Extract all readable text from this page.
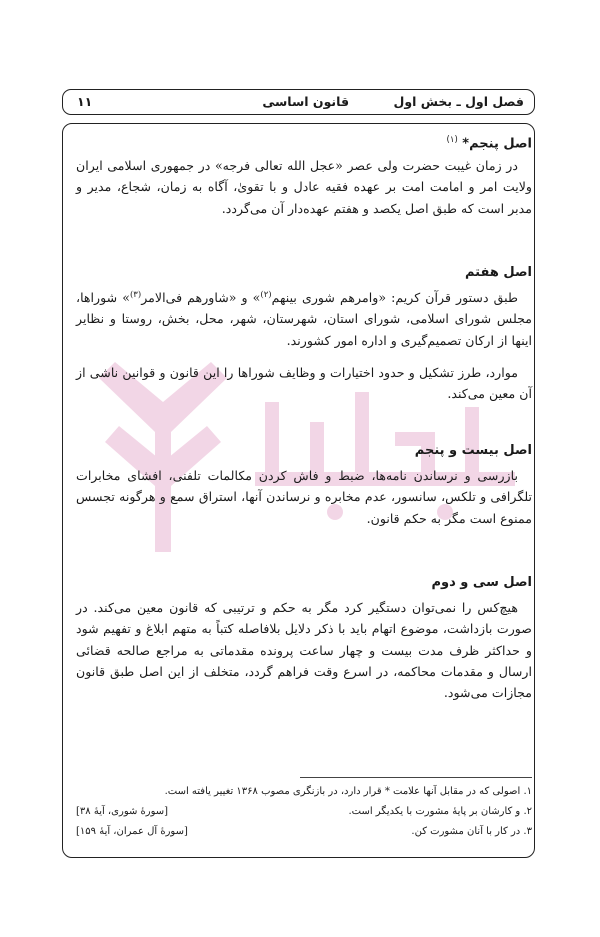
فصل اول ـ بخش اول
قانون اساسی
١١
هادیار
اصل پنجم* $^{(١)}$
در زمان غیبت حضرت ولی عصر «عجل الله تعالی فرجه» در جمهوری اسلامی ایران ولایت امر و امامت امت بر عهده فقیه عادل و با تقویٰ، آگاه به زمان، شجاع، مدیر و مدبر است که طبق اصل یکصد و هفتم عهده‌دار آن می‌گردد.
اصل هفتم
طبق دستور قرآن کریم: «وامرهم شوری بینهم$^{(٢)}$» و «شاورهم فی‌الامر$^{(٣)}$» شوراها، مجلس شورای اسلامی، شورای استان، شهرستان، شهر، محل، بخش، روستا و نظایر اینها از ارکان تصمیم‌گیری و اداره امور کشورند.
موارد، طرز تشکیل و حدود اختیارات و وظایف شوراها را این قانون و قوانین ناشی از آن معین می‌کند.
اصل بیست و پنجم
بازرسی و نرساندن نامه‌ها، ضبط و فاش کردن مکالمات تلفنی، افشای مخابرات تلگرافی و تلکس، سانسور، عدم مخابره و نرساندن آنها، استراق سمع و هرگونه تجسس ممنوع است مگر به حکم قانون.
اصل سی و دوم
هیچ‌کس را نمی‌توان دستگیر کرد مگر به حکم و ترتیبی که قانون معین می‌کند. در صورت بازداشت، موضوع اتهام باید با ذکر دلایل بلافاصله کتباً به متهم ابلاغ و تفهیم شود و حداکثر ظرف مدت بیست و چهار ساعت پرونده مقدماتی به مراجع صالحه قضائی ارسال و مقدمات محاکمه، در اسرع وقت فراهم گردد، متخلف از این اصل طبق قانون مجازات می‌شود.
١. اصولی که در مقابل آنها علامت * قرار دارد، در بازنگری مصوب ١٣۶٨ تغییر یافته است.
٢. و کارشان بر پایهٔ مشورت با یکدیگر است.
[سورهٔ شوری، آیهٔ ٣٨]
٣. در کار با آنان مشورت کن.
[سورهٔ آل عمران، آیهٔ ١۵٩]
